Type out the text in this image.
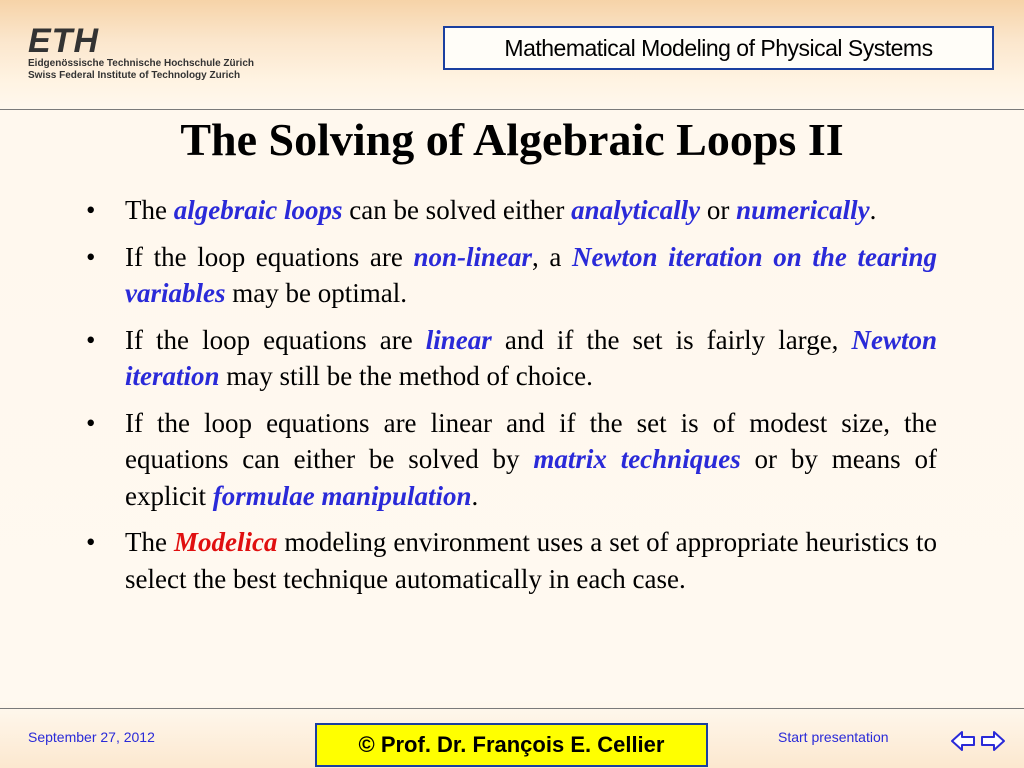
ETH
Eidgenössische Technische Hochschule Zürich
Swiss Federal Institute of Technology Zurich
Mathematical Modeling of Physical Systems
The Solving of Algebraic Loops II
• The algebraic loops can be solved either analytically or numerically.
• If the loop equations are non-linear, a Newton iteration on the tearing variables may be optimal.
• If the loop equations are linear and if the set is fairly large, Newton iteration may still be the method of choice.
• If the loop equations are linear and if the set is of modest size, the equations can either be solved by matrix techniques or by means of explicit formulae manipulation.
• The Modelica modeling environment uses a set of appropriate heuristics to select the best technique automatically in each case.
September 27, 2012	© Prof. Dr. François E. Cellier	Start presentation
